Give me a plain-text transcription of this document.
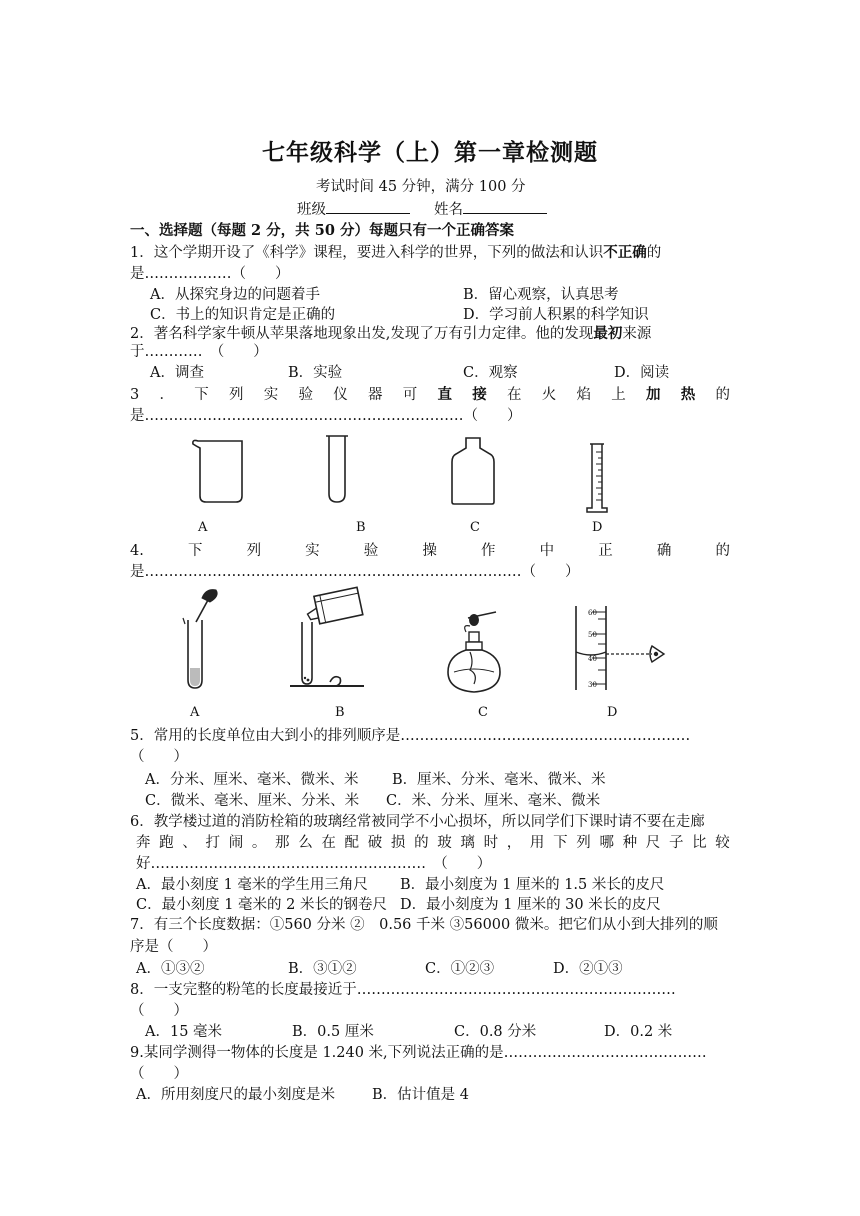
七年级科学（上）第一章检测题
考试时间 45 分钟，满分 100 分
班级	姓名
一、选择题（每题 2 分，共 50 分）每题只有一个正确答案
1．这个学期开设了《科学》课程，要进入科学的世界，下列的做法和认识不正确的
是………………（　　）
A．从探究身边的问题着手	B．留心观察，认真思考
C．书上的知识肯定是正确的	D．学习前人积累的科学知识
2．著名科学家牛顿从苹果落地现象出发,发现了万有引力定律。他的发现最初来源
于…………　（　　）
A．调查	B．实验	C．观察	D．阅读
3 ． 下 列 实 验 仪 器 可 直 接 在 火 焰 上 加 热 的
是…………………………………………………………（　　）
A	B	C	D
4.	下	列	实	验	操	作	中	正	确	的
是……………………………………………………………………（　　）
60
50
40
30
A	B	C	D
5．常用的长度单位由大到小的排列顺序是……………………………………………………
（　　）
A．分米、厘米、毫米、微米、米 B．厘米、分米、毫米、微米、米
C．微米、毫米、厘米、分米、米 C．米、分米、厘米、毫米、微米
6．教学楼过道的消防栓箱的玻璃经常被同学不小心损坏，所以同学们下课时请不要在走廊
奔 跑 、 打 闹 。 那 么 在 配 破 损 的 玻 璃 时 ， 用 下 列 哪 种 尺 子 比 较
好…………………………………………………　（　　）
A．最小刻度 1 毫米的学生用三角尺 B．最小刻度为 1 厘米的 1.5 米长的皮尺
C．最小刻度 1 毫米的 2 米长的钢卷尺 D．最小刻度为 1 厘米的 30 米长的皮尺
7．有三个长度数据：①560 分米 ②　0.56 千米 ③56000 微米。把它们从小到大排列的顺
序是（　　）
A．①③②	B．③①②	C．①②③	D．②①③
8．一支完整的粉笔的长度最接近于…………………………………………………………
（　　）
A．15 毫米	B．0.5 厘米	C．0.8 分米	D．0.2 米
9.某同学测得一物体的长度是 1.240 米,下列说法正确的是……………………………………
（　　）
A．所用刻度尺的最小刻度是米	B．估计值是 4
